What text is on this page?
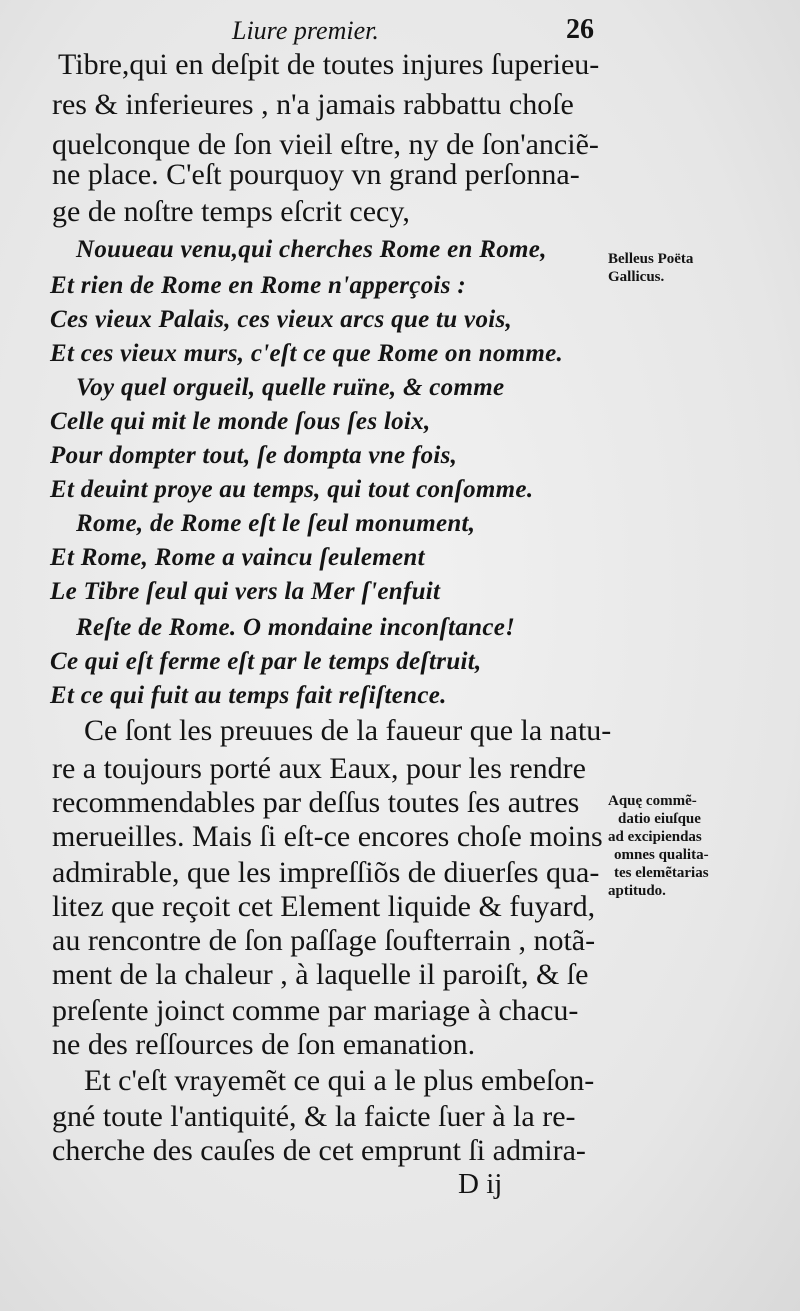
Liure premier.	26
Tibre,qui en deſpit de toutes injures ſuperieu-
res & inferieures , n'a jamais rabbattu choſe
quelconque de ſon vieil eſtre, ny de ſon'anciẽ-
ne place. C'eſt pourquoy vn grand perſonna-
ge de noſtre temps eſcrit cecy,
Nouueau venu,qui cherches Rome en Rome,
Et rien de Rome en Rome n'apperçois :
Ces vieux Palais, ces vieux arcs que tu vois,
Et ces vieux murs, c'eſt ce que Rome on nomme.
Voy quel orgueil, quelle ruïne, & comme
Celle qui mit le monde ſous ſes loix,
Pour dompter tout, ſe dompta vne fois,
Et deuint proye au temps, qui tout conſomme.
Rome, de Rome eſt le ſeul monument,
Et Rome, Rome a vaincu ſeulement
Le Tibre ſeul qui vers la Mer ſ'enfuit
Reſte de Rome. O mondaine inconſtance!
Ce qui eſt ferme eſt par le temps deſtruit,
Et ce qui fuit au temps fait reſiſtence.
Ce ſont les preuues de la faueur que la natu-
re a toujours porté aux Eaux, pour les rendre
recommendables par deſſus toutes ſes autres
merueilles. Mais ſi eſt-ce encores choſe moins
admirable, que les impreſſiõs de diuerſes qua-
litez que reçoit cet Element liquide & fuyard,
au rencontre de ſon paſſage ſoufterrain , notã-
ment de la chaleur , à laquelle il paroiſt, & ſe
preſente joinct comme par mariage à chacu-
ne des reſſources de ſon emanation.
Et c'eſt vrayemẽt ce qui a le plus embeſon-
gné toute l'antiquité, & la faicte ſuer à la re-
cherche des cauſes de cet emprunt ſi admira-
Belleus Poëta
Gallicus.
Aquę commẽ-
datio eiuſque
ad excipiendas
omnes qualita-
tes elemẽtarias
aptitudo.
D ij
